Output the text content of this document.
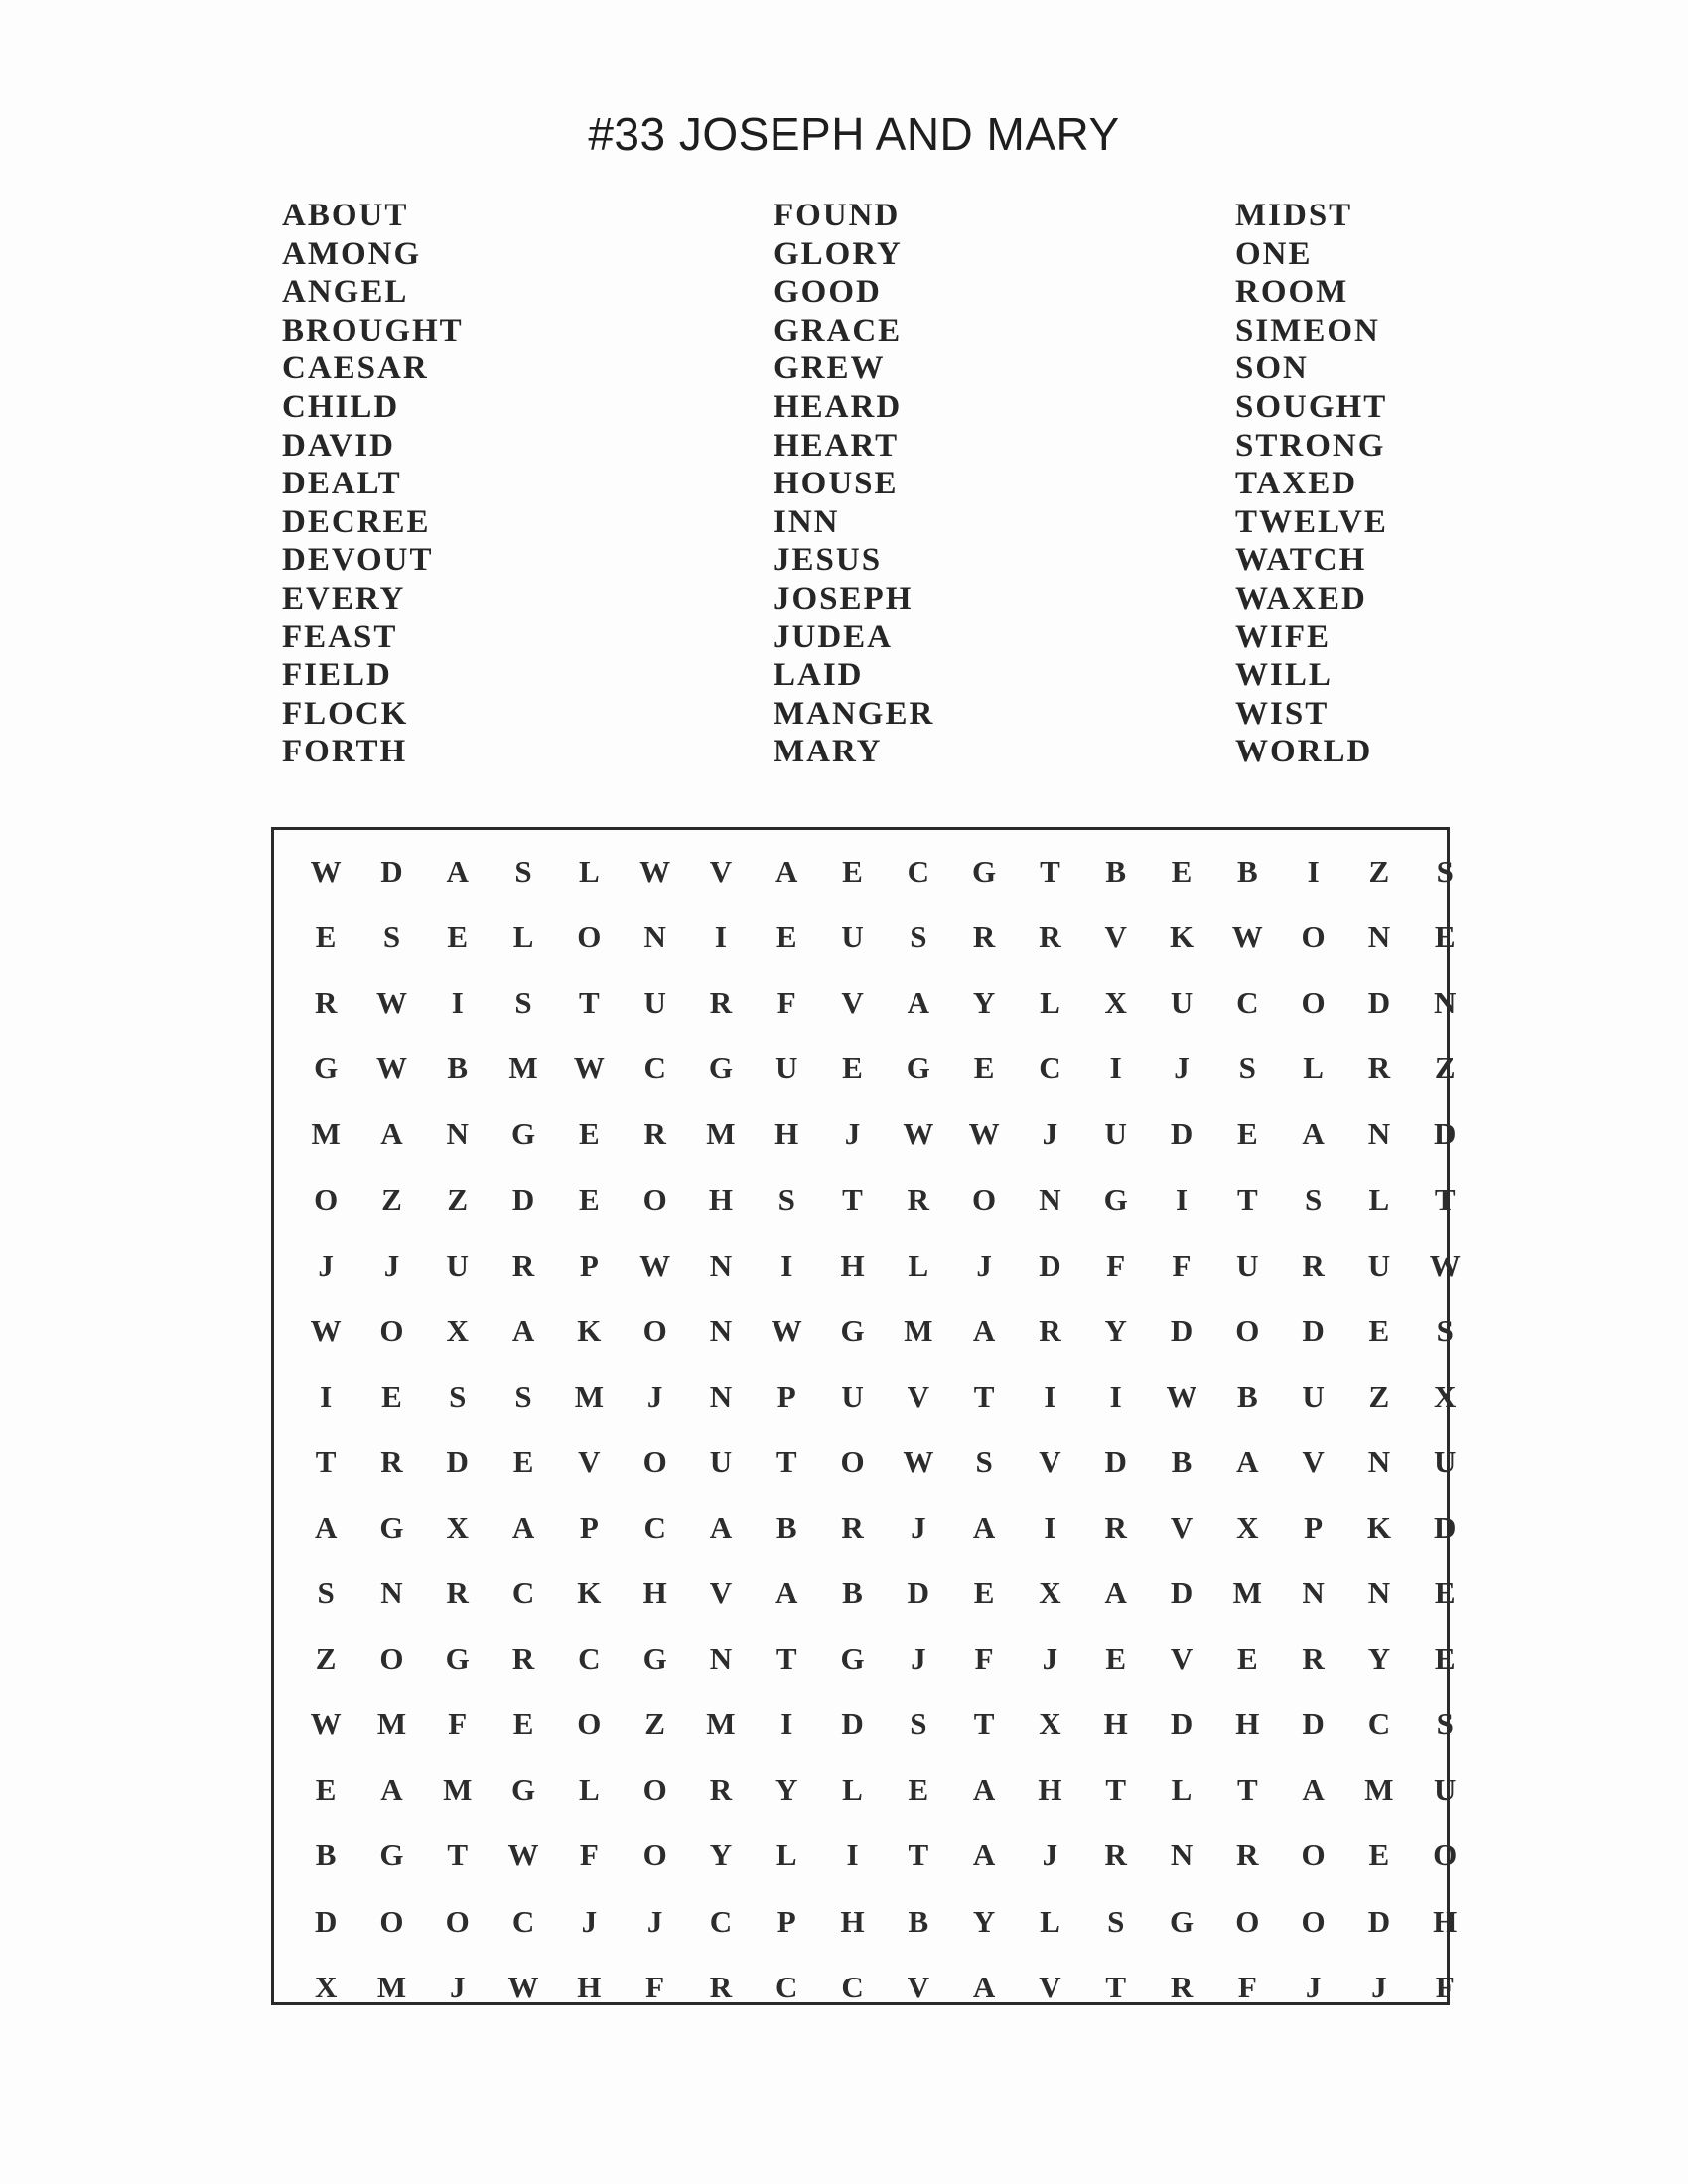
#33 JOSEPH AND MARY
ABOUT
AMONG
ANGEL
BROUGHT
CAESAR
CHILD
DAVID
DEALT
DECREE
DEVOUT
EVERY
FEAST
FIELD
FLOCK
FORTH
FOUND
GLORY
GOOD
GRACE
GREW
HEARD
HEART
HOUSE
INN
JESUS
JOSEPH
JUDEA
LAID
MANGER
MARY
MIDST
ONE
ROOM
SIMEON
SON
SOUGHT
STRONG
TAXED
TWELVE
WATCH
WAXED
WIFE
WILL
WIST
WORLD
W	D	A	S	L	W	V	A	E	C	G	T	B	E	B	I	Z	S
E	S	E	L	O	N	I	E	U	S	R	R	V	K	W	O	N	E
R	W	I	S	T	U	R	F	V	A	Y	L	X	U	C	O	D	N
G	W	B	M	W	C	G	U	E	G	E	C	I	J	S	L	R	Z
M	A	N	G	E	R	M	H	J	W	W	J	U	D	E	A	N	D
O	Z	Z	D	E	O	H	S	T	R	O	N	G	I	T	S	L	T
J	J	U	R	P	W	N	I	H	L	J	D	F	F	U	R	U	W
W	O	X	A	K	O	N	W	G	M	A	R	Y	D	O	D	E	S
I	E	S	S	M	J	N	P	U	V	T	I	I	W	B	U	Z	X
T	R	D	E	V	O	U	T	O	W	S	V	D	B	A	V	N	U
A	G	X	A	P	C	A	B	R	J	A	I	R	V	X	P	K	D
S	N	R	C	K	H	V	A	B	D	E	X	A	D	M	N	N	E
Z	O	G	R	C	G	N	T	G	J	F	J	E	V	E	R	Y	E
W	M	F	E	O	Z	M	I	D	S	T	X	H	D	H	D	C	S
E	A	M	G	L	O	R	Y	L	E	A	H	T	L	T	A	M	U
B	G	T	W	F	O	Y	L	I	T	A	J	R	N	R	O	E	O
D	O	O	C	J	J	C	P	H	B	Y	L	S	G	O	O	D	H
X	M	J	W	H	F	R	C	C	V	A	V	T	R	F	J	J	F
